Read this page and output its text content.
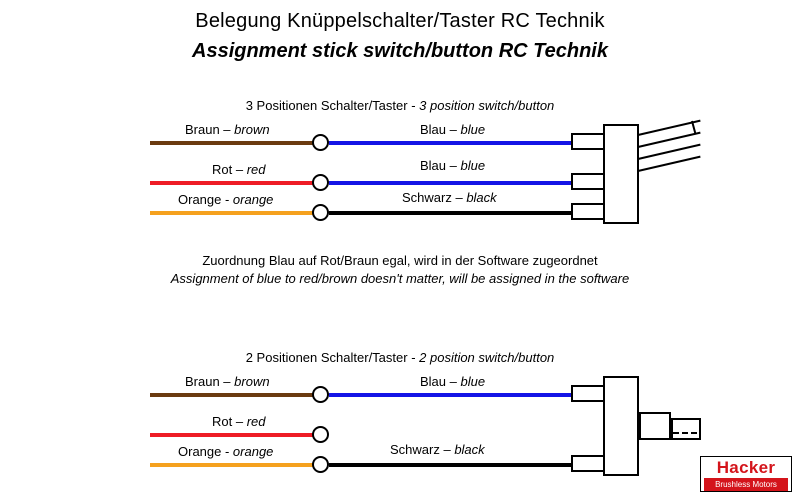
Belegung Knüppelschalter/Taster RC Technik
Assignment stick switch/button RC Technik
3 Positionen Schalter/Taster - 3 position switch/button
Braun – brown
Rot – red
Orange - orange
Blau – blue
Blau – blue
Schwarz – black
Zuordnung Blau auf Rot/Braun egal, wird in der Software zugeordnet
Assignment of blue to red/brown doesn't matter, will be assigned in the software
2 Positionen Schalter/Taster - 2 position switch/button
Braun – brown
Rot – red
Orange - orange
Blau – blue
Schwarz – black
Hacker
Brushless Motors
